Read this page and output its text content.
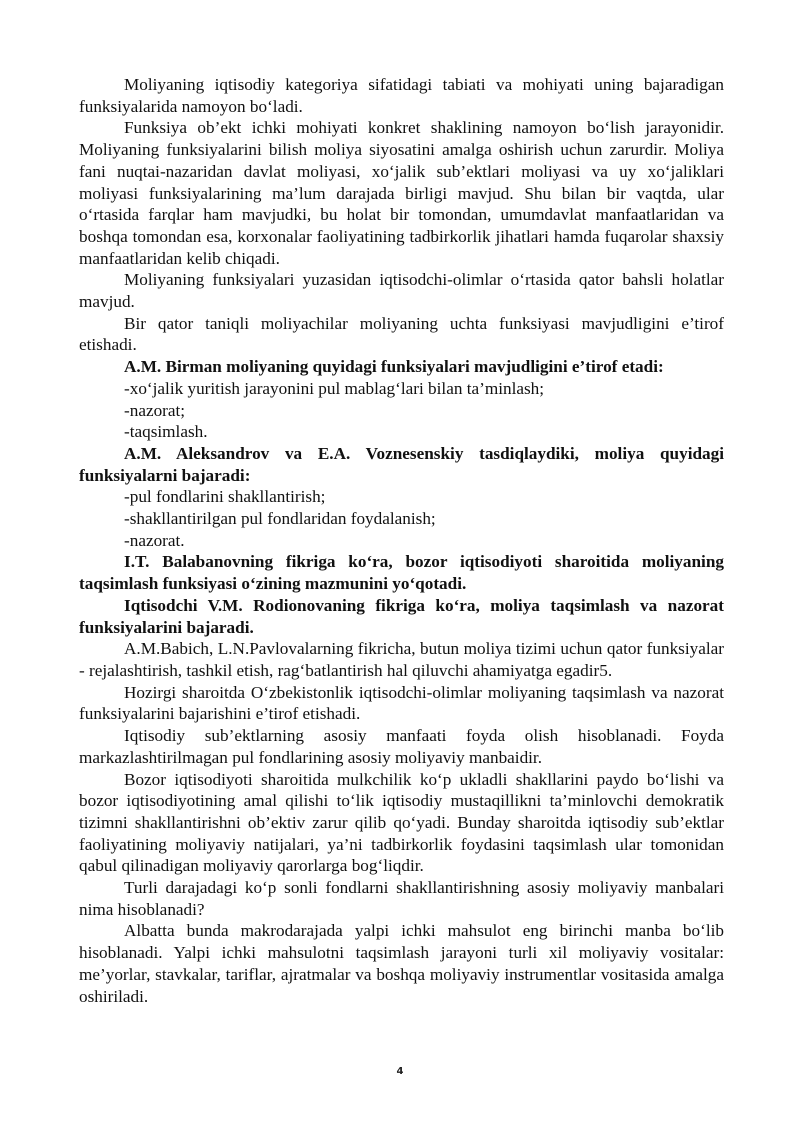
Moliyaning iqtisodiy kategoriya sifatidagi tabiati va mohiyati uning bajaradigan funksiyalarida namoyon bo‘ladi.

Funksiya ob’ekt ichki mohiyati konkret shaklining namoyon bo‘lish jarayonidir. Moliyaning funksiyalarini bilish moliya siyosatini amalga oshirish uchun zarurdir. Moliya fani nuqtai-nazaridan davlat moliyasi, xo‘jalik sub’ektlari moliyasi va uy xo‘jaliklari moliyasi funksiyalarining ma’lum darajada birligi mavjud. Shu bilan bir vaqtda, ular o‘rtasida farqlar ham mavjudki, bu holat bir tomondan, umumdavlat manfaatlaridan va boshqa tomondan esa, korxonalar faoliyatining tadbirkorlik jihatlari hamda fuqarolar shaxsiy manfaatlaridan kelib chiqadi.

Moliyaning funksiyalari yuzasidan iqtisodchi-olimlar o‘rtasida qator bahsli holatlar mavjud.

Bir qator taniqli moliyachilar moliyaning uchta funksiyasi mavjudligini e’tirof etishadi.

A.M. Birman moliyaning quyidagi funksiyalari mavjudligini e’tirof etadi:

-xo‘jalik yuritish jarayonini pul mablag‘lari bilan ta’minlash;

-nazorat;

-taqsimlash.

A.M. Aleksandrov va E.A. Voznesenskiy tasdiqlaydiki, moliya quyidagi funksiyalarni bajaradi:

-pul fondlarini shakllantirish;

-shakllantirilgan pul fondlaridan foydalanish;

-nazorat.

I.T. Balabanovning fikriga ko‘ra, bozor iqtisodiyoti sharoitida moliyaning taqsimlash funksiyasi o‘zining mazmunini yo‘qotadi.

Iqtisodchi V.M. Rodionovaning fikriga ko‘ra, moliya taqsimlash va nazorat funksiyalarini bajaradi.

A.M.Babich, L.N.Pavlovalarning fikricha, butun moliya tizimi uchun qator funksiyalar - rejalashtirish, tashkil etish, rag‘batlantirish hal qiluvchi ahamiyatga egadir5.

Hozirgi sharoitda O‘zbekistonlik iqtisodchi-olimlar moliyaning taqsimlash va nazorat funksiyalarini bajarishini e’tirof etishadi.

Iqtisodiy sub’ektlarning asosiy manfaati foyda olish hisoblanadi. Foyda markazlashtirilmagan pul fondlarining asosiy moliyaviy manbaidir.

Bozor iqtisodiyoti sharoitida mulkchilik ko‘p ukladli shakllarini paydo bo‘lishi va bozor iqtisodiyotining amal qilishi to‘lik iqtisodiy mustaqillikni ta’minlovchi demokratik tizimni shakllantirishni ob’ektiv zarur qilib qo‘yadi. Bunday sharoitda iqtisodiy sub’ektlar faoliyatining moliyaviy natijalari, ya’ni tadbirkorlik foydasini taqsimlash ular tomonidan qabul qilinadigan moliyaviy qarorlarga bog‘liqdir.

Turli darajadagi ko‘p sonli fondlarni shakllantirishning asosiy moliyaviy manbalari nima hisoblanadi?

Albatta bunda makrodarajada yalpi ichki mahsulot eng birinchi manba bo‘lib hisoblanadi. Yalpi ichki mahsulotni taqsimlash jarayoni turli xil moliyaviy vositalar: me’yorlar, stavkalar, tariflar, ajratmalar va boshqa moliyaviy instrumentlar vositasida amalga oshiriladi.

4
